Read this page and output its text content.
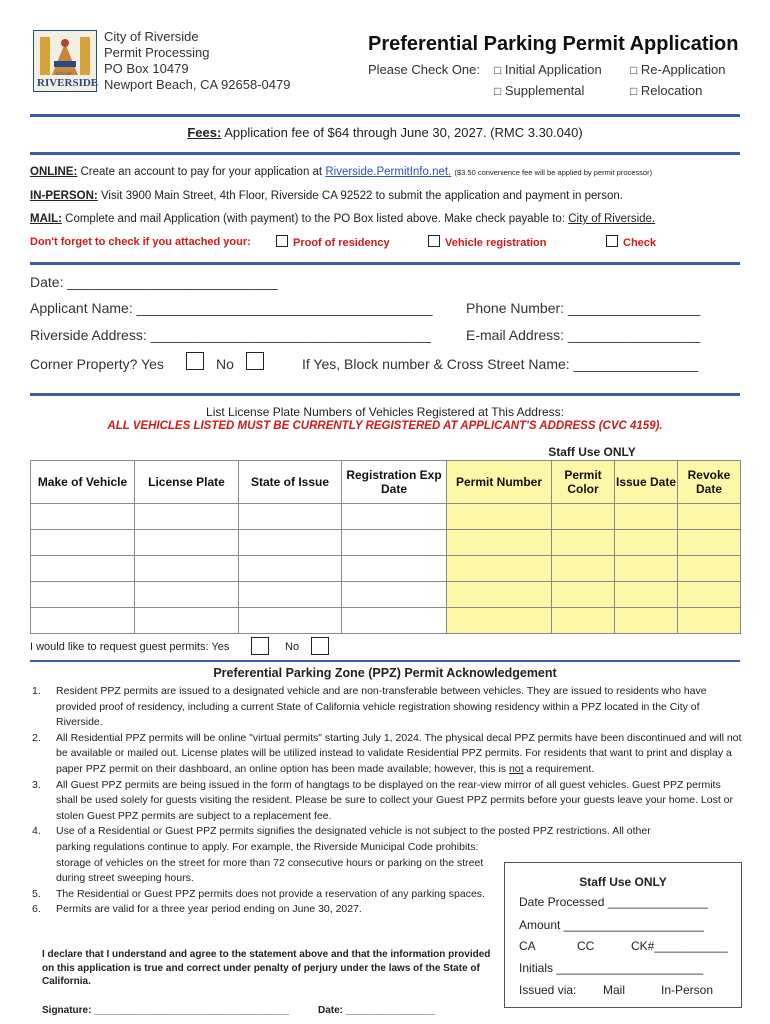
CITY OF
RIVERSIDE
City of Riverside
Permit Processing
PO Box 10479
Newport Beach, CA 92658-0479
Preferential Parking Permit Application
Please Check One: □ Initial Application □ Re-Application
□ Supplemental	□ Relocation
Fees: Application fee of $64 through June 30, 2027. (RMC 3.30.040)
ONLINE: Create an account to pay for your application at Riverside.PermitInfo.net. ($3.50 convenience fee will be applied by permit processor)
IN-PERSON: Visit 3900 Main Street, 4th Floor, Riverside CA 92522 to submit the application and payment in person.
MAIL: Complete and mail Application (with payment) to the PO Box listed above. Make check payable to: City of Riverside.
Don't forget to check if you attached your:	Proof of residency	Vehicle registration	Check
Date: ___________________________
Applicant Name: ______________________________________ Phone Number: _________________
Riverside Address: ____________________________________	E-mail Address: _________________
Corner Property? Yes	No	If Yes, Block number & Cross Street Name: ________________
List License Plate Numbers of Vehicles Registered at This Address:
ALL VEHICLES LISTED MUST BE CURRENTLY REGISTERED AT APPLICANT'S ADDRESS (CVC 4159).
Staff Use ONLY
Make of Vehicle	License Plate	State of Issue	Registration Exp Date	Permit Number	Permit Color	Issue Date	Revoke Date

I would like to request guest permits: Yes	No
Preferential Parking Zone (PPZ) Permit Acknowledgement
1. Resident PPZ permits are issued to a designated vehicle and are non-transferable between vehicles. They are issued to residents who have provided proof of residency, including a current State of California vehicle registration showing residency within a PPZ located in the City of Riverside.
2. All Residential PPZ permits will be online "virtual permits" starting July 1, 2024. The physical decal PPZ permits have been discontinued and will not be available or mailed out. License plates will be utilized instead to validate Residential PPZ permits. For residents that want to print and display a paper PPZ permit on their dashboard, an online option has been made available; however, this is not a requirement.
3. All Guest PPZ permits are being issued in the form of hangtags to be displayed on the rear-view mirror of all guest vehicles. Guest PPZ permits shall be used solely for guests visiting the resident. Please be sure to collect your Guest PPZ permits before your guests leave your home. Lost or stolen Guest PPZ permits are subject to a replacement fee.
4. Use of a Residential or Guest PPZ permits signifies the designated vehicle is not subject to the posted PPZ restrictions. All other
parking regulations continue to apply. For example, the Riverside Municipal Code prohibits: storage of vehicles on the street for more than 72 consecutive hours or parking on the street during street sweeping hours.
5. The Residential or Guest PPZ permits does not provide a reservation of any parking spaces.
6. Permits are valid for a three year period ending on June 30, 2027.
I declare that I understand and agree to the statement above and that the information provided on this application is true and correct under penalty of perjury under the laws of the State of California.
Signature: ___________________________________	Date: ________________
Staff Use ONLY
Date Processed _______________
Amount _____________________
CA	CC	CK#___________
Initials ______________________
Issued via: Mail	In-Person
